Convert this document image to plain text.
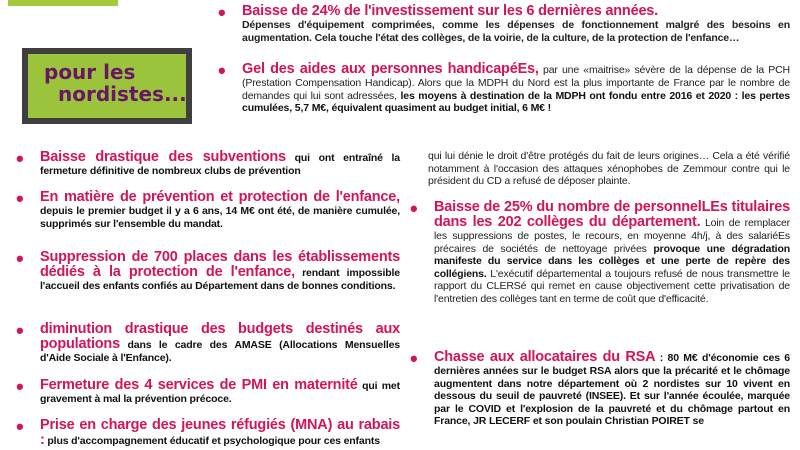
pour les
nordistes...
• Baisse de 24% de l'investissement sur les 6 dernières années.
Dépenses d'équipement comprimées, comme les dépenses de fonctionnement malgré des besoins en augmentation. Cela touche l'état des collèges, de la voirie, de la culture, de la protection de l'enfance…
• Gel des aides aux personnes handicapéEs, par une «maitrise» sévère de la dépense de la PCH (Prestation Compensation Handicap). Alors que la MDPH du Nord est la plus importante de France par le nombre de demandes qui lui sont adressées, les moyens à destination de la MDPH ont fondu entre 2016 et 2020 : les pertes cumulées, 5,7 M€, équivalent quasiment au budget initial, 6 M€ !
• Baisse drastique des subventions qui ont entraîné la fermeture définitive de nombreux clubs de prévention
• En matière de prévention et protection de l'enfance, depuis le premier budget il y a 6 ans, 14 M€ ont été, de manière cumulée, supprimés sur l'ensemble du mandat.
• Suppression de 700 places dans les établissements dédiés à la protection de l'enfance, rendant impossible l'accueil des enfants confiés au Département dans de bonnes conditions.
• diminution drastique des budgets destinés aux populations dans le cadre des AMASE (Allocations Mensuelles d'Aide Sociale à l'Enfance).
• Fermeture des 4 services de PMI en maternité qui met gravement à mal la prévention précoce.
• Prise en charge des jeunes réfugiés (MNA) au rabais : plus d'accompagnement éducatif et psychologique pour ces enfants
qui lui dénie le droit d'être protégés du fait de leurs origines… Cela a été vérifié notamment à l'occasion des attaques xénophobes de Zemmour contre qui le président du CD a refusé de déposer plainte.
• Baisse de 25% du nombre de personnelLEs titulaires dans les 202 collèges du département. Loin de remplacer les suppressions de postes, le recours, en moyenne 4h/j, à des salariéEs précaires de sociétés de nettoyage privées provoque une dégradation manifeste du service dans les collèges et une perte de repère des collégiens. L'exécutif départemental a toujours refusé de nous transmettre le rapport du CLERSé qui remet en cause objectivement cette privatisation de l'entretien des collèges tant en terme de coût que d'efficacité.
• Chasse aux allocataires du RSA : 80 M€ d'économie ces 6 dernières années sur le budget RSA alors que la précarité et le chômage augmentent dans notre département où 2 nordistes sur 10 vivent en dessous du seuil de pauvreté (INSEE). Et sur l'année écoulée, marquée par le COVID et l'explosion de la pauvreté et du chômage partout en France, JR LECERF et son poulain Christian POIRET se
